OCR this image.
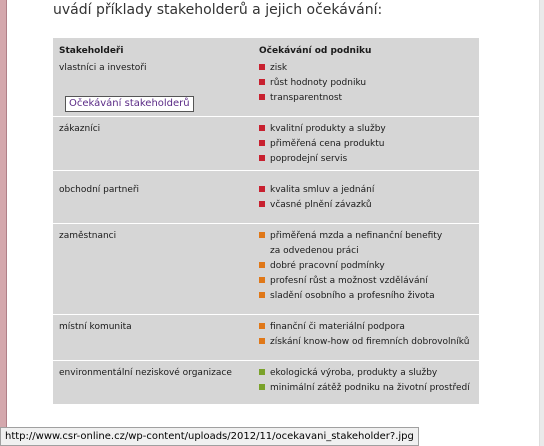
uvádí příklady stakeholderů a jejich očekávání:
Stakeholdeři	Očekávání od podniku
vlastníci a investoři	zisk
růst hodnoty podniku
transparentnost
zákazníci	kvalitní produkty a služby
přiměřená cena produktu
poprodejní servis
obchodní partneři	kvalita smluv a jednání
včasné plnění závazků
zaměstnanci	přiměřená mzda a nefinanční benefity
za odvedenou práci
dobré pracovní podmínky
profesní růst a možnost vzdělávání
sladění osobního a profesního života
místní komunita	finanční či materiální podpora
získání know-how od firemních dobrovolníků
environmentální neziskové organizace	ekologická výroba, produkty a služby
minimální zátěž podniku na životní prostředí
Očekávání stakeholderů
http://www.csr-online.cz/wp-content/uploads/2012/11/ocekavani_stakeholder?.jpg
